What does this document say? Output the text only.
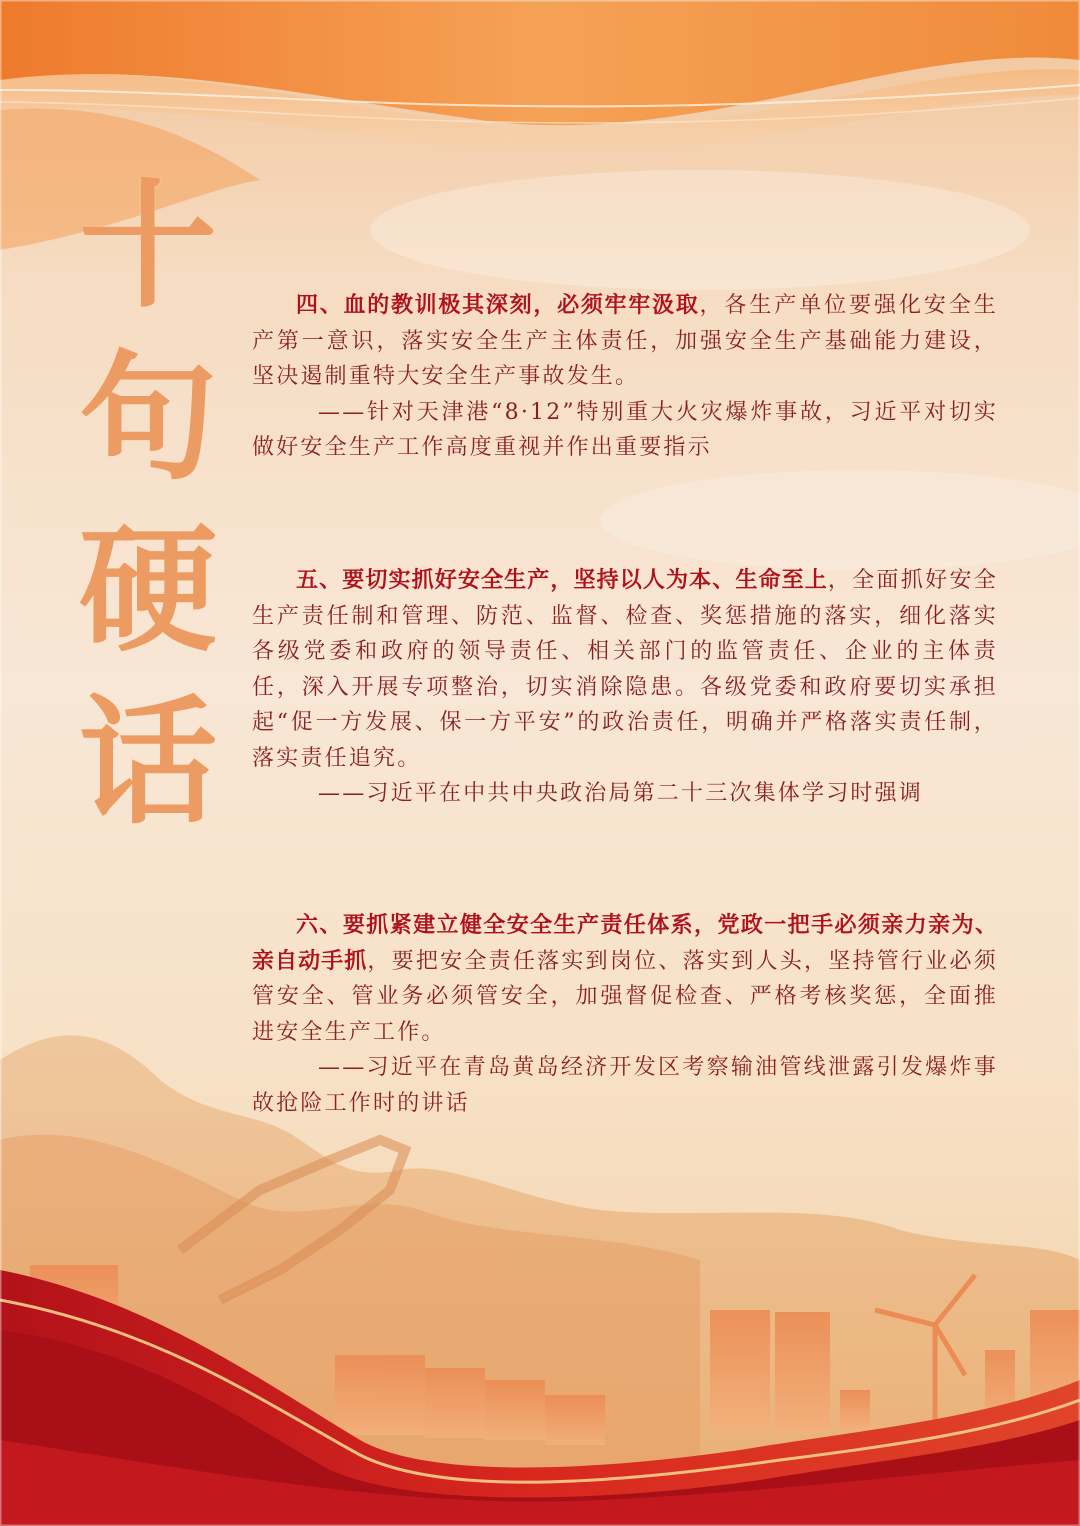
十
句
硬
话

四、血的教训极其深刻，必须牢牢汲取，各生产单位要强化安全生产第一意识，落实安全生产主体责任，加强安全生产基础能力建设，坚决遏制重特大安全生产事故发生。

——针对天津港“8·12”特别重大火灾爆炸事故，习近平对切实做好安全生产工作高度重视并作出重要指示

五、要切实抓好安全生产，坚持以人为本、生命至上，全面抓好安全生产责任制和管理、防范、监督、检查、奖惩措施的落实，细化落实各级党委和政府的领导责任、相关部门的监管责任、企业的主体责任，深入开展专项整治，切实消除隐患。各级党委和政府要切实承担起“促一方发展、保一方平安”的政治责任，明确并严格落实责任制，落实责任追究。

——习近平在中共中央政治局第二十三次集体学习时强调

六、要抓紧建立健全安全生产责任体系，党政一把手必须亲力亲为、亲自动手抓，要把安全责任落实到岗位、落实到人头，坚持管行业必须管安全、管业务必须管安全，加强督促检查、严格考核奖惩，全面推进安全生产工作。

——习近平在青岛黄岛经济开发区考察输油管线泄露引发爆炸事故抢险工作时的讲话
